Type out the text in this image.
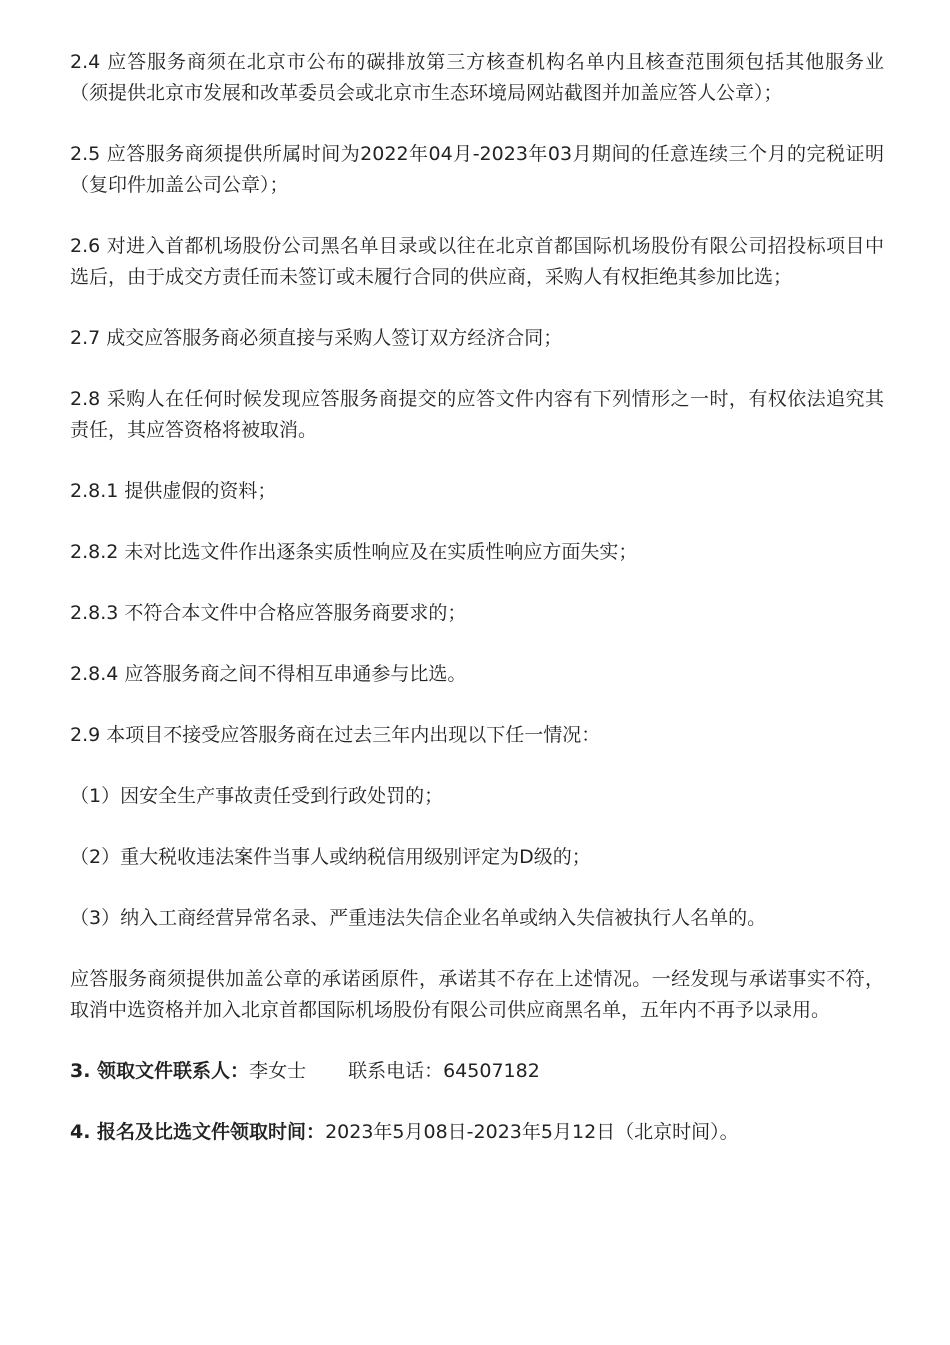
2.4 应答服务商须在北京市公布的碳排放第三方核查机构名单内且核查范围须包括其他服务业（须提供北京市发展和改革委员会或北京市生态环境局网站截图并加盖应答人公章）；

2.5 应答服务商须提供所属时间为2022年04月-2023年03月期间的任意连续三个月的完税证明（复印件加盖公司公章）；

2.6 对进入首都机场股份公司黑名单目录或以往在北京首都国际机场股份有限公司招投标项目中选后，由于成交方责任而未签订或未履行合同的供应商，采购人有权拒绝其参加比选；

2.7 成交应答服务商必须直接与采购人签订双方经济合同；

2.8 采购人在任何时候发现应答服务商提交的应答文件内容有下列情形之一时，有权依法追究其责任，其应答资格将被取消。

2.8.1 提供虚假的资料；

2.8.2 未对比选文件作出逐条实质性响应及在实质性响应方面失实；

2.8.3 不符合本文件中合格应答服务商要求的；

2.8.4 应答服务商之间不得相互串通参与比选。

2.9 本项目不接受应答服务商在过去三年内出现以下任一情况：

（1）因安全生产事故责任受到行政处罚的；

（2）重大税收违法案件当事人或纳税信用级别评定为D级的；

（3）纳入工商经营异常名录、严重违法失信企业名单或纳入失信被执行人名单的。

应答服务商须提供加盖公章的承诺函原件，承诺其不存在上述情况。一经发现与承诺事实不符，取消中选资格并加入北京首都国际机场股份有限公司供应商黑名单，五年内不再予以录用。

3. 领取文件联系人：李女士 联系电话：64507182

4. 报名及比选文件领取时间：2023年5月08日-2023年5月12日（北京时间）。
